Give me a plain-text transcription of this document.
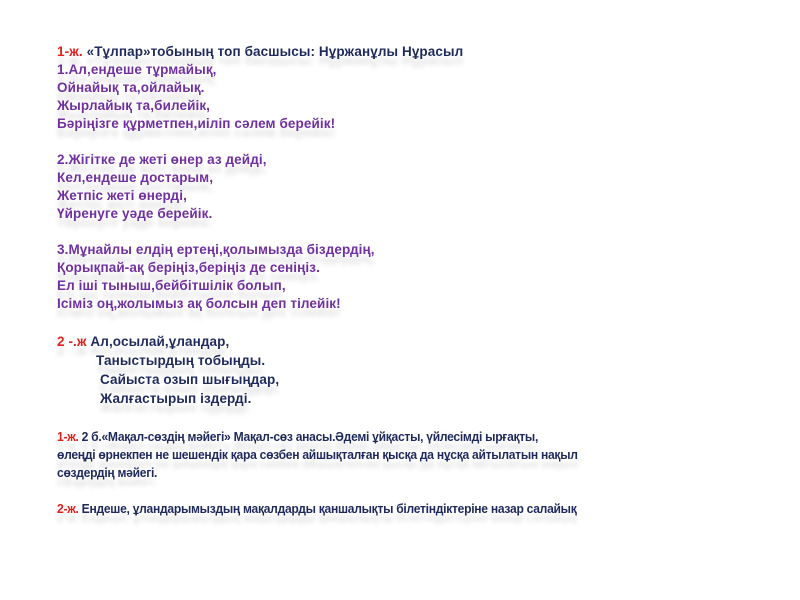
1-ж. «Тұлпар»тобының топ басшысы: Нұржанұлы Нұрасыл
1.Ал,ендеше тұрмайық,
Ойнайық та,ойлайық.
Жырлайық та,билейік,
Бәріңізге құрметпен,иіліп сәлем берейік!
2.Жігітке де жеті өнер аз дейді,
Кел,ендеше достарым,
Жетпіс жеті өнерді,
Үйренуге уәде берейік.
3.Мұнайлы елдің ертеңі,қолымызда біздердің,
Қорықпай-ақ беріңіз,беріңіз де сеніңіз.
Ел іші тыныш,бейбітшілік болып,
Ісіміз оң,жолымыз ақ болсын деп тілейік!
2 -.ж Ал,осылай,ұландар,
Таныстырдың тобыңды.
Сайыста озып шығыңдар,
Жалғастырып іздерді.
1-ж. 2 б.«Мақал-сөздің мәйегі» Мақал-сөз анасы.Әдемі ұйқасты, үйлесімді ырғақты,
өлеңді өрнекпен не шешендік қара сөзбен айшықталған қысқа да нұсқа айтылатын нақыл
сөздердің мәйегі.
2-ж. Ендеше, ұландарымыздың мақалдарды қаншалықты білетіндіктеріне назар салайық
